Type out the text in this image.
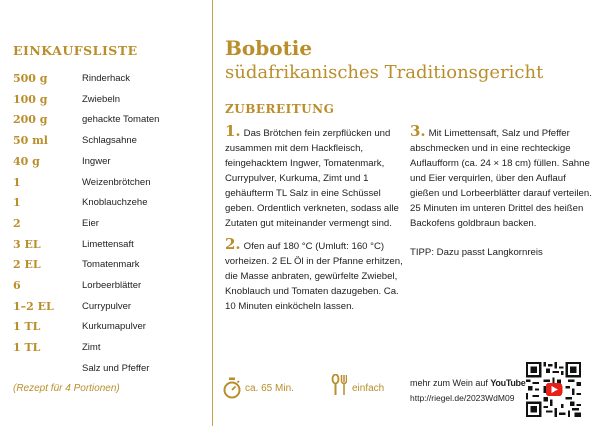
EINKAUFSLISTE
500 g	Rinderhack
100 g	Zwiebeln
200 g	gehackte Tomaten
50 ml	Schlagsahne
40 g	Ingwer
1	Weizenbrötchen
1	Knoblauchzehe
2	Eier
3 EL	Limettensaft
2 EL	Tomatenmark
6	Lorbeerblätter
1–2 EL	Currypulver
1 TL	Kurkumapulver
1 TL	Zimt
Salz und Pfeffer
(Rezept für 4 Portionen)
Bobotie
südafrikanisches Traditionsgericht
ZUBEREITUNG

1. Das Brötchen fein zerpflücken und zusammen mit dem Hackfleisch, feingehacktem Ingwer, Tomatenmark, Currypulver, Kurkuma, Zimt und 1 gehäufterm TL Salz in eine Schüssel geben. Ordentlich verkneten, sodass alle Zutaten gut miteinander vermengt sind.

2. Ofen auf 180 °C (Umluft: 160 °C) vorheizen. 2 EL Öl in der Pfanne erhitzen, die Masse anbraten, gewürfelte Zwiebel, Knoblauch und Tomaten dazugeben. Ca. 10 Minuten einköcheln lassen.

3. Mit Limettensaft, Salz und Pfeffer abschmecken und in eine rechteckige Auflaufform (ca. 24 × 18 cm) füllen. Sahne und Eier verquirlen, über den Auflauf gießen und Lorbeerblätter darauf verteilen. 25 Minuten im unteren Drittel des heißen Backofens goldbraun backen.

TIPP: Dazu passt Langkornreis

ca. 65 Min.	einfach	mehr zum Wein auf YouTube
http://riegel.de/2023WdM09
